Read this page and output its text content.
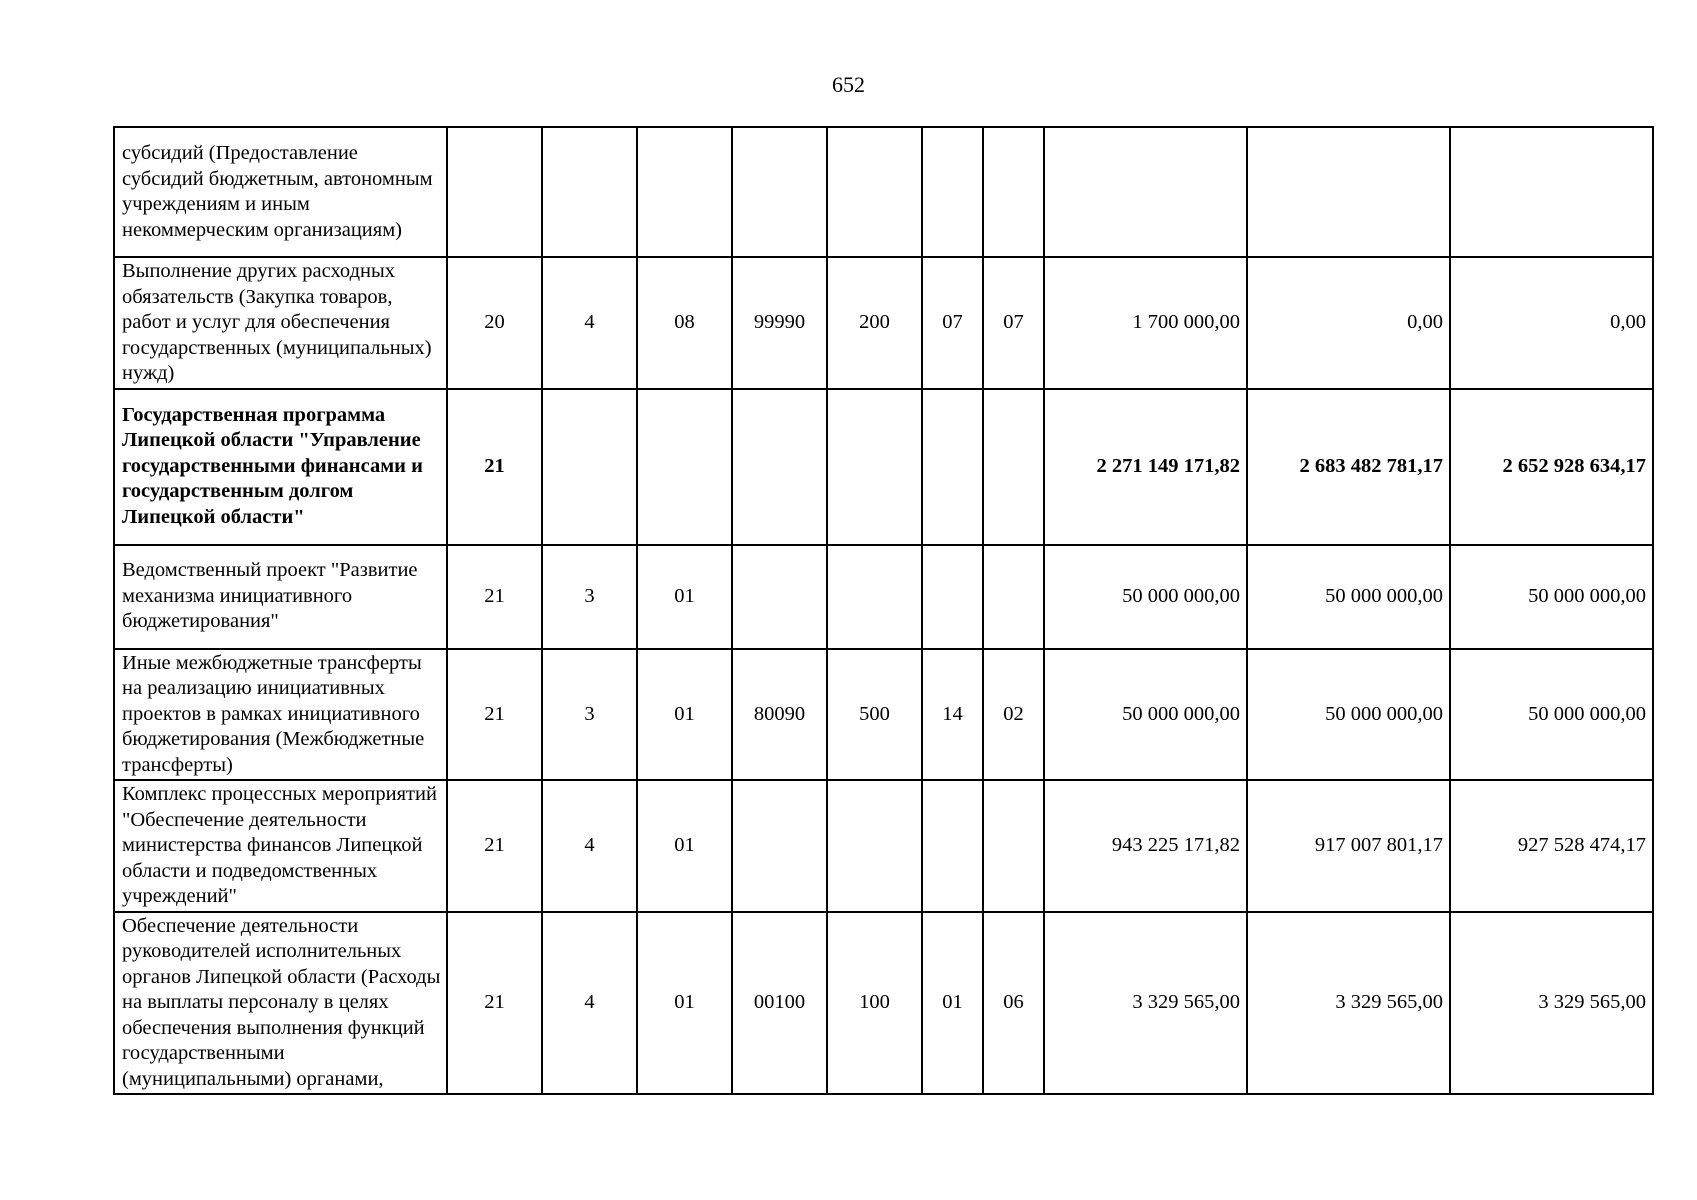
652
субсидий (Предоставление субсидий бюджетным, автономным учреждениям и иным некоммерческим организациям)										
Выполнение других расходных обязательств (Закупка товаров, работ и услуг для обеспечения государственных (муниципальных) нужд)	20	4	08	99990	200	07	07	1 700 000,00	0,00	0,00
Государственная программа Липецкой области "Управление государственными финансами и государственным долгом Липецкой области"	21							2 271 149 171,82	2 683 482 781,17	2 652 928 634,17
Ведомственный проект "Развитие механизма инициативного бюджетирования"	21	3	01					50 000 000,00	50 000 000,00	50 000 000,00
Иные межбюджетные трансферты на реализацию инициативных проектов в рамках инициативного бюджетирования (Межбюджетные трансферты)	21	3	01	80090	500	14	02	50 000 000,00	50 000 000,00	50 000 000,00
Комплекс процессных мероприятий "Обеспечение деятельности министерства финансов Липецкой области и подведомственных учреждений"	21	4	01					943 225 171,82	917 007 801,17	927 528 474,17
Обеспечение деятельности руководителей исполнительных органов Липецкой области (Расходы на выплаты персоналу в целях обеспечения выполнения функций государственными (муниципальными) органами,	21	4	01	00100	100	01	06	3 329 565,00	3 329 565,00	3 329 565,00
